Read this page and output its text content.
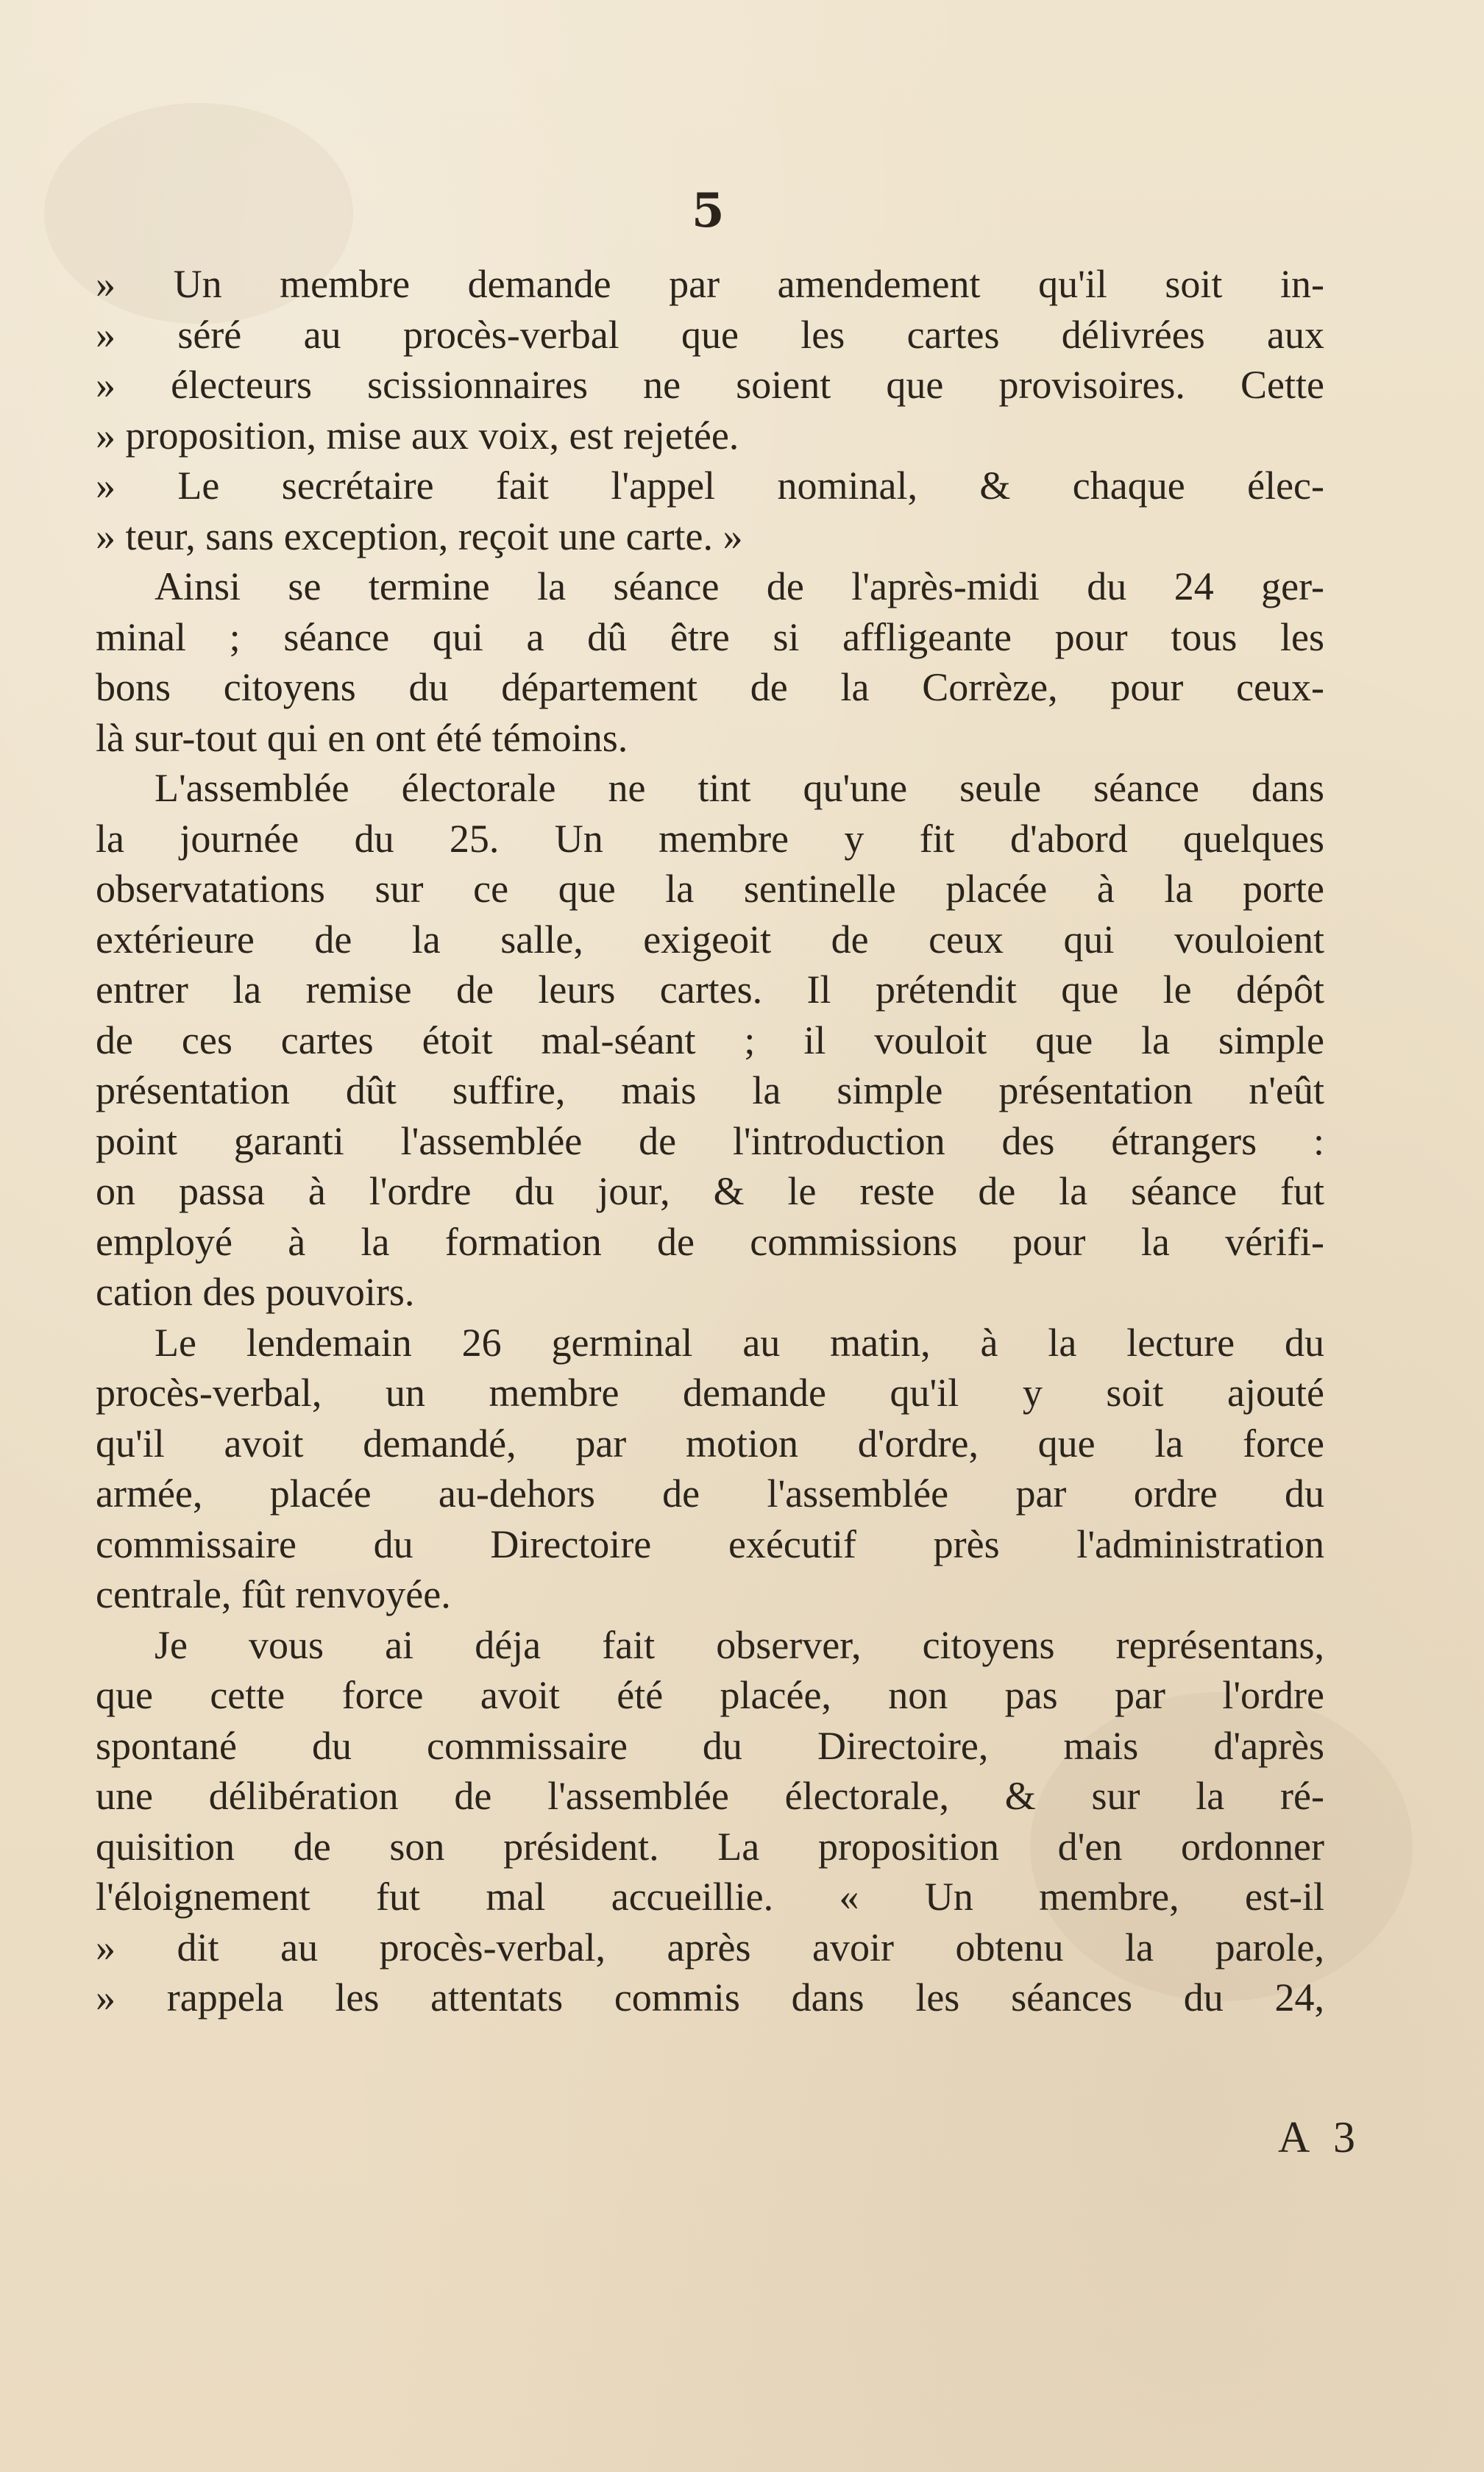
5
» Un membre demande par amendement qu'il soit in-
» séré au procès-verbal que les cartes délivrées aux
» électeurs scissionnaires ne soient que provisoires. Cette
» proposition, mise aux voix, est rejetée.
» Le secrétaire fait l'appel nominal, & chaque élec-
» teur, sans exception, reçoit une carte. »
Ainsi se termine la séance de l'après-midi du 24 ger-
minal ; séance qui a dû être si affligeante pour tous les
bons citoyens du département de la Corrèze, pour ceux-
là sur-tout qui en ont été témoins.
L'assemblée électorale ne tint qu'une seule séance dans
la journée du 25. Un membre y fit d'abord quelques
observatations sur ce que la sentinelle placée à la porte
extérieure de la salle, exigeoit de ceux qui vouloient
entrer la remise de leurs cartes. Il prétendit que le dépôt
de ces cartes étoit mal-séant ; il vouloit que la simple
présentation dût suffire, mais la simple présentation n'eût
point garanti l'assemblée de l'introduction des étrangers :
on passa à l'ordre du jour, & le reste de la séance fut
employé à la formation de commissions pour la vérifi-
cation des pouvoirs.
Le lendemain 26 germinal au matin, à la lecture du
procès-verbal, un membre demande qu'il y soit ajouté
qu'il avoit demandé, par motion d'ordre, que la force
armée, placée au-dehors de l'assemblée par ordre du
commissaire du Directoire exécutif près l'administration
centrale, fût renvoyée.
Je vous ai déja fait observer, citoyens représentans,
que cette force avoit été placée, non pas par l'ordre
spontané du commissaire du Directoire, mais d'après
une délibération de l'assemblée électorale, & sur la ré-
quisition de son président. La proposition d'en ordonner
l'éloignement fut mal accueillie. « Un membre, est-il
» dit au procès-verbal, après avoir obtenu la parole,
» rappela les attentats commis dans les séances du 24,
A 3
